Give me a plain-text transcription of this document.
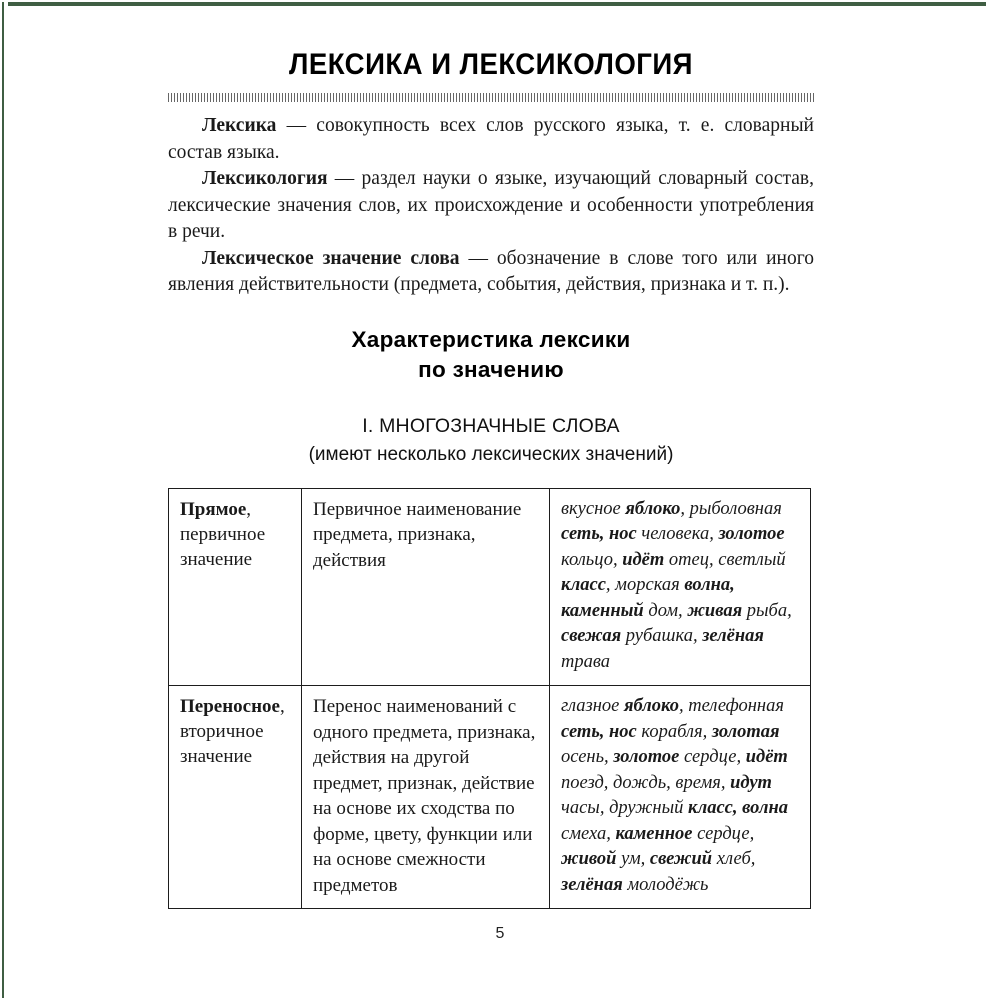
ЛЕКСИКА И ЛЕКСИКОЛОГИЯ

Лексика — совокупность всех слов русского языка, т. е. словарный состав языка.

Лексикология — раздел науки о языке, изучающий словарный состав, лексические значения слов, их происхождение и особенности употребления в речи.

Лексическое значение слова — обозначение в слове того или иного явления действительности (предмета, события, действия, признака и т. п.).

Характеристика лексики
по значению
I. МНОГОЗНАЧНЫЕ СЛОВА
(имеют несколько лексических значений)
Прямое,
первичное
значение	Первичное наименование предмета, признака, действия	вкусное яблоко, рыболовная сеть, нос человека, золотое кольцо, идёт отец, светлый класс, морская волна, каменный дом, живая рыба, свежая рубашка, зелёная трава
Переносное,
вторичное
значение	Перенос наименований с одного предмета, признака, действия на другой предмет, признак, действие на основе их сходства по форме, цвету, функции или на основе смежности предметов	глазное яблоко, телефонная сеть, нос корабля, золотая осень, золотое сердце, идёт поезд, дождь, время, идут часы, дружный класс, волна смеха, каменное сердце, живой ум, свежий хлеб, зелёная молодёжь
5
